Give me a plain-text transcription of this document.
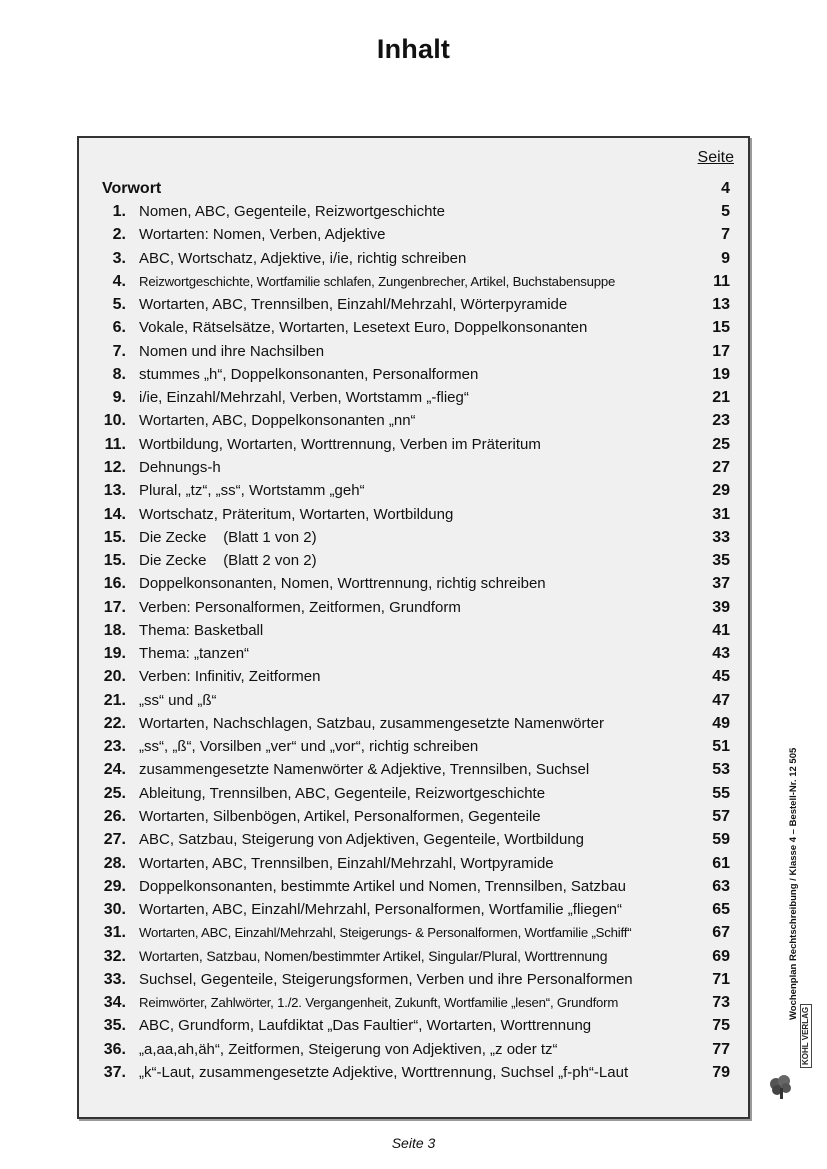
Inhalt
Seite
Vorwort	4
1. Nomen, ABC, Gegenteile, Reizwortgeschichte	5
2. Wortarten: Nomen, Verben, Adjektive	7
3. ABC, Wortschatz, Adjektive, i/ie, richtig schreiben	9
4. Reizwortgeschichte, Wortfamilie schlafen, Zungenbrecher, Artikel, Buchstabensuppe	11
5. Wortarten, ABC, Trennsilben, Einzahl/Mehrzahl, Wörterpyramide	13
6. Vokale, Rätselsätze, Wortarten, Lesetext Euro, Doppelkonsonanten	15
7. Nomen und ihre Nachsilben	17
8. stummes „h“, Doppelkonsonanten, Personalformen	19
9. i/ie, Einzahl/Mehrzahl, Verben, Wortstamm „-flieg“	21
10. Wortarten, ABC, Doppelkonsonanten „nn“	23
11. Wortbildung, Wortarten, Worttrennung, Verben im Präteritum	25
12. Dehnungs-h	27
13. Plural, „tz“, „ss“, Wortstamm „geh“	29
14. Wortschatz, Präteritum, Wortarten, Wortbildung	31
15. Die Zecke    (Blatt 1 von 2)	33
15. Die Zecke    (Blatt 2 von 2)	35
16. Doppelkonsonanten, Nomen, Worttrennung, richtig schreiben	37
17. Verben: Personalformen, Zeitformen, Grundform	39
18. Thema: Basketball	41
19. Thema: „tanzen“	43
20. Verben: Infinitiv, Zeitformen	45
21. „ss“ und „ß“	47
22. Wortarten, Nachschlagen, Satzbau, zusammengesetzte Namenwörter	49
23. „ss“, „ß“, Vorsilben „ver“ und „vor“, richtig schreiben	51
24. zusammengesetzte Namenwörter & Adjektive, Trennsilben, Suchsel	53
25. Ableitung, Trennsilben, ABC, Gegenteile, Reizwortgeschichte	55
26. Wortarten, Silbenbögen, Artikel, Personalformen, Gegenteile	57
27. ABC, Satzbau, Steigerung von Adjektiven, Gegenteile, Wortbildung	59
28. Wortarten, ABC, Trennsilben, Einzahl/Mehrzahl, Wortpyramide	61
29. Doppelkonsonanten, bestimmte Artikel und Nomen, Trennsilben, Satzbau	63
30. Wortarten, ABC, Einzahl/Mehrzahl, Personalformen, Wortfamilie „fliegen“	65
31. Wortarten, ABC, Einzahl/Mehrzahl, Steigerungs- & Personalformen, Wortfamilie „Schiff“	67
32. Wortarten, Satzbau, Nomen/bestimmter Artikel, Singular/Plural, Worttrennung	69
33. Suchsel, Gegenteile, Steigerungsformen, Verben und ihre Personalformen	71
34. Reimwörter, Zahlwörter, 1./2. Vergangenheit, Zukunft, Wortfamilie „lesen“, Grundform	73
35. ABC, Grundform, Laufdiktat „Das Faultier“, Wortarten, Worttrennung	75
36. „a,aa,ah,äh“, Zeitformen, Steigerung von Adjektiven, „z oder tz“	77
37. „k“-Laut, zusammengesetzte Adjektive, Worttrennung, Suchsel „f-ph“-Laut	79
Seite 3
Wochenplan Rechtschreibung / Klasse 4 – Bestell-Nr. 12 505
KOHL VERLAG
